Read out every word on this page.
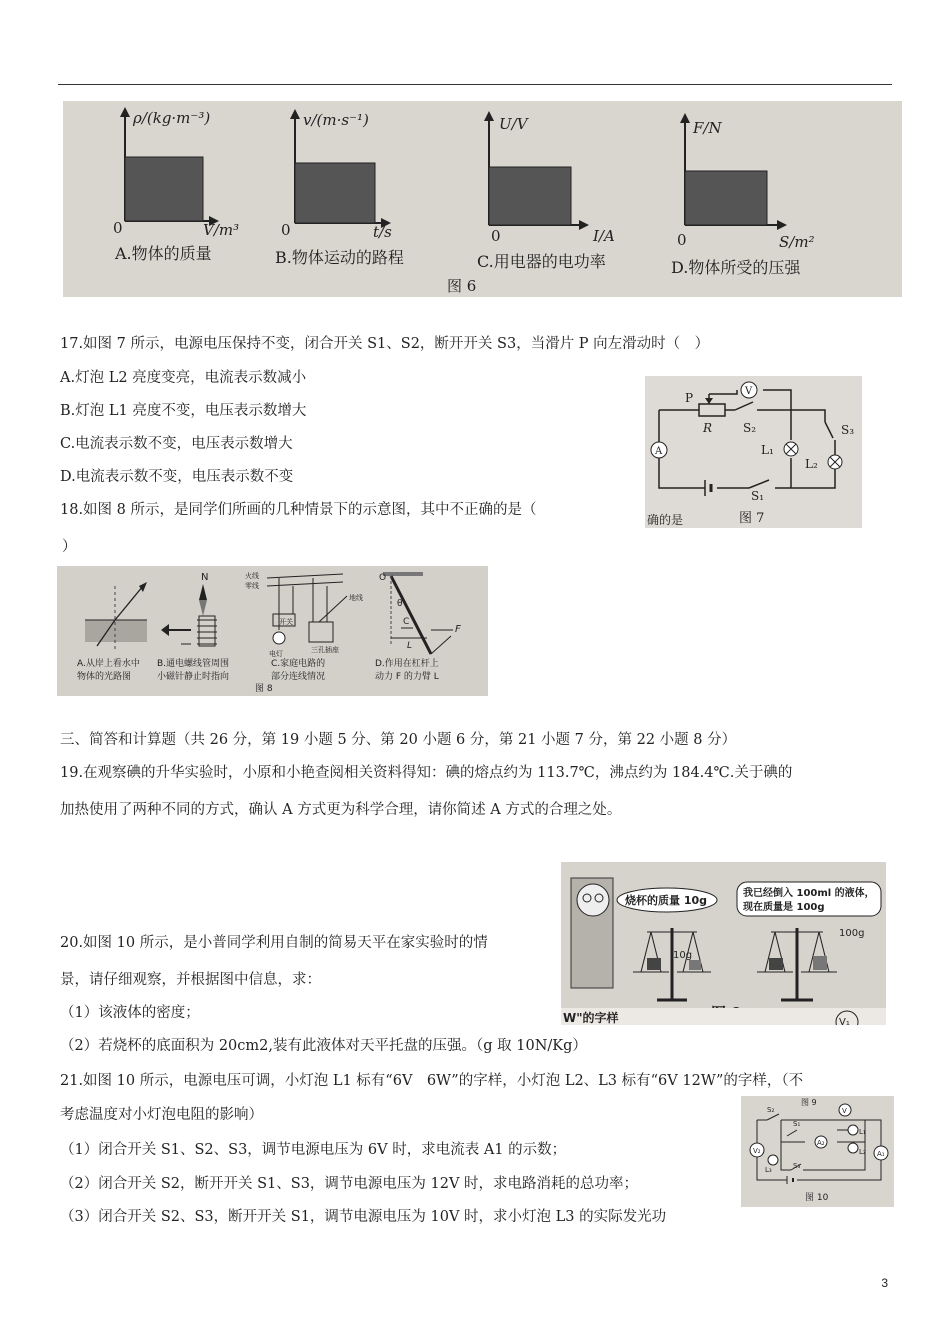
ρ/(kg·m⁻³)
V/m³
0
A.物体的质量
v/(m·s⁻¹)
t/s
0
B.物体运动的路程
U/V
I/A
0
C.用电器的电功率
F/N
S/m²
0
D.物体所受的压强
图 6
P	V
R	S₂	S₃
L₁
L₂
A
S₁
确的是	图 7
N	火线
零线
开关
电灯
地线
三孔插座
O
θ
C
F
L
A.从岸上看水中
物体的光路图
B.通电螺线管周围
小磁针静止时指向
C.家庭电路的
部分连线情况
D.作用在杠杆上
动力 F 的力臂 L
图 8
烧杯的质量 10g
我已经倒入 100ml 的液体，
现在质量是 100g
10g
100g
W"的字样	V₁
图 9
S₂
S₁
S₃
V
V₂
A₂
L₁
L₂
L₃
A₁
图 10
17.如图 7 所示，电源电压保持不变，闭合开关 S1、S2，断开开关 S3，当滑片 P 向左滑动时（　）
A.灯泡 L2 亮度变亮，电流表示数减小
B.灯泡 L1 亮度不变，电压表示数增大
C.电流表示数不变，电压表示数增大
D.电流表示数不变，电压表示数不变
18.如图 8 所示，是同学们所画的几种情景下的示意图，其中不正确的是（
）
三、简答和计算题（共 26 分，第 19 小题 5 分、第 20 小题 6 分，第 21 小题 7 分，第 22 小题 8 分）
19.在观察碘的升华实验时，小原和小艳查阅相关资料得知：碘的熔点约为 113.7℃，沸点约为 184.4℃.关于碘的
加热使用了两种不同的方式，确认 A 方式更为科学合理，请你简述 A 方式的合理之处。
20.如图 10 所示，是小普同学利用自制的简易天平在家实验时的情
景，请仔细观察，并根据图中信息，求：
（1）该液体的密度；
（2）若烧杯的底面积为 20cm2,装有此液体对天平托盘的压强。（g 取 10N/Kg）
21.如图 10 所示，电源电压可调，小灯泡 L1 标有“6V　6W”的字样，小灯泡 L2、L3 标有“6V 12W”的字样，（不
考虑温度对小灯泡电阻的影响）
（1）闭合开关 S1、S2、S3，调节电源电压为 6V 时，求电流表 A1 的示数；
（2）闭合开关 S2，断开开关 S1、S3，调节电源电压为 12V 时，求电路消耗的总功率；
（3）闭合开关 S2、S3，断开开关 S1，调节电源电压为 10V 时，求小灯泡 L3 的实际发光功
3
